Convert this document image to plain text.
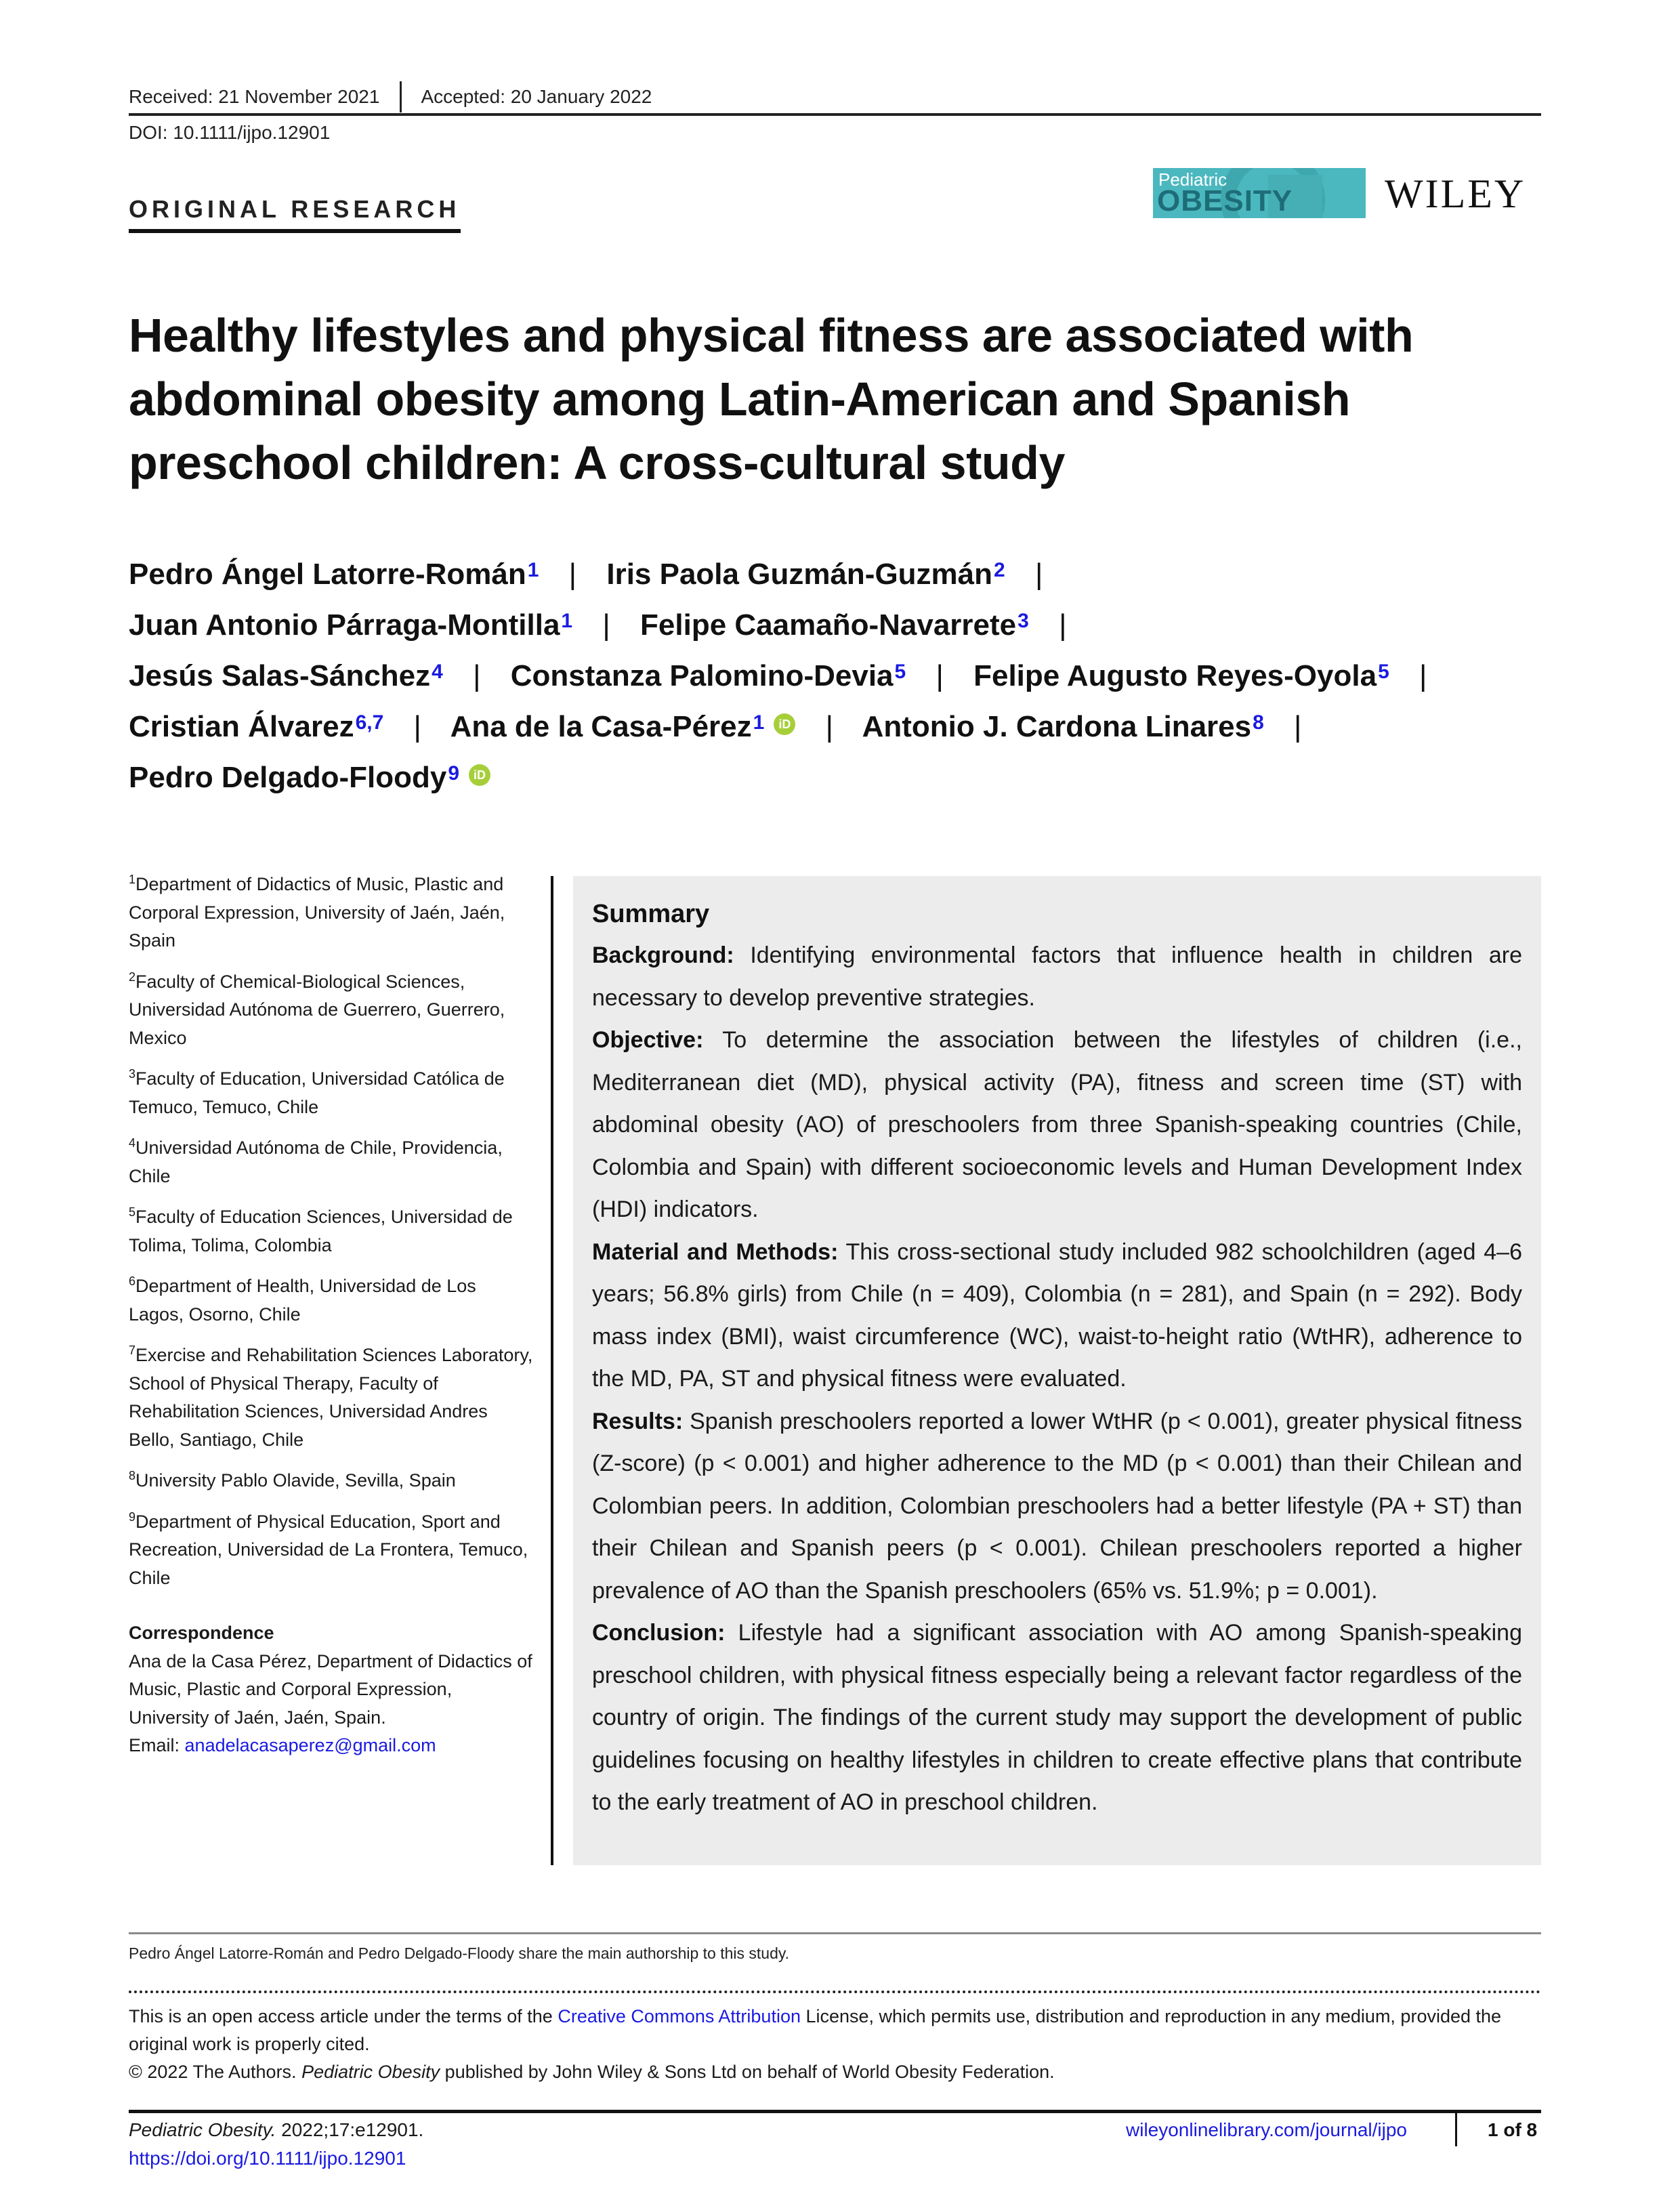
Received: 21 November 2021 Accepted: 20 January 2022
DOI: 10.1111/ijpo.12901
ORIGINAL RESEARCH
Pediatric
OBESITY WILEY
Healthy lifestyles and physical fitness are associated with abdominal obesity among Latin-American and Spanish preschool children: A cross-cultural study
Pedro Ángel Latorre-Román$^1$ | Iris Paola Guzmán-Guzmán$^2$ |
Juan Antonio Párraga-Montilla$^1$ | Felipe Caamaño-Navarrete$^3$ |
Jesús Salas-Sánchez$^4$ | Constanza Palomino-Devia$^5$ | Felipe Augusto Reyes-Oyola$^5$ |
Cristian Álvarez$^{6,7}$ | Ana de la Casa-Pérez$^1$ iD | Antonio J. Cardona Linares$^8$ |
Pedro Delgado-Floody$^9$ iD
$^1$Department of Didactics of Music, Plastic and Corporal Expression, University of Jaén, Jaén, Spain
$^2$Faculty of Chemical-Biological Sciences, Universidad Autónoma de Guerrero, Guerrero, Mexico
$^3$Faculty of Education, Universidad Católica de Temuco, Temuco, Chile
$^4$Universidad Autónoma de Chile, Providencia, Chile
$^5$Faculty of Education Sciences, Universidad de Tolima, Tolima, Colombia
$^6$Department of Health, Universidad de Los Lagos, Osorno, Chile
$^7$Exercise and Rehabilitation Sciences Laboratory, School of Physical Therapy, Faculty of Rehabilitation Sciences, Universidad Andres Bello, Santiago, Chile
$^8$University Pablo Olavide, Sevilla, Spain
$^9$Department of Physical Education, Sport and Recreation, Universidad de La Frontera, Temuco, Chile
Correspondence
Ana de la Casa Pérez, Department of Didactics of Music, Plastic and Corporal Expression, University of Jaén, Jaén, Spain.
Email: anadelacasaperez@gmail.com
Summary

Background: Identifying environmental factors that influence health in children are necessary to develop preventive strategies.

Objective: To determine the association between the lifestyles of children (i.e., Mediterranean diet (MD), physical activity (PA), fitness and screen time (ST) with abdominal obesity (AO) of preschoolers from three Spanish-speaking countries (Chile, Colombia and Spain) with different socioeconomic levels and Human Development Index (HDI) indicators.

Material and Methods: This cross-sectional study included 982 schoolchildren (aged 4–6 years; 56.8% girls) from Chile (n = 409), Colombia (n = 281), and Spain (n = 292). Body mass index (BMI), waist circumference (WC), waist-to-height ratio (WtHR), adherence to the MD, PA, ST and physical fitness were evaluated.

Results: Spanish preschoolers reported a lower WtHR (p < 0.001), greater physical fitness (Z-score) (p < 0.001) and higher adherence to the MD (p < 0.001) than their Chilean and Colombian peers. In addition, Colombian preschoolers had a better lifestyle (PA + ST) than their Chilean and Spanish peers (p < 0.001). Chilean preschoolers reported a higher prevalence of AO than the Spanish preschoolers (65% vs. 51.9%; p = 0.001).

Conclusion: Lifestyle had a significant association with AO among Spanish-speaking preschool children, with physical fitness especially being a relevant factor regardless of the country of origin. The findings of the current study may support the development of public guidelines focusing on healthy lifestyles in children to create effective plans that contribute to the early treatment of AO in preschool children.

Pedro Ángel Latorre-Román and Pedro Delgado-Floody share the main authorship to this study.
This is an open access article under the terms of the Creative Commons Attribution License, which permits use, distribution and reproduction in any medium, provided the original work is properly cited.
© 2022 The Authors. Pediatric Obesity published by John Wiley & Sons Ltd on behalf of World Obesity Federation.
Pediatric Obesity. 2022;17:e12901.
https://doi.org/10.1111/ijpo.12901
wileyonlinelibrary.com/journal/ijpo	1 of 8
